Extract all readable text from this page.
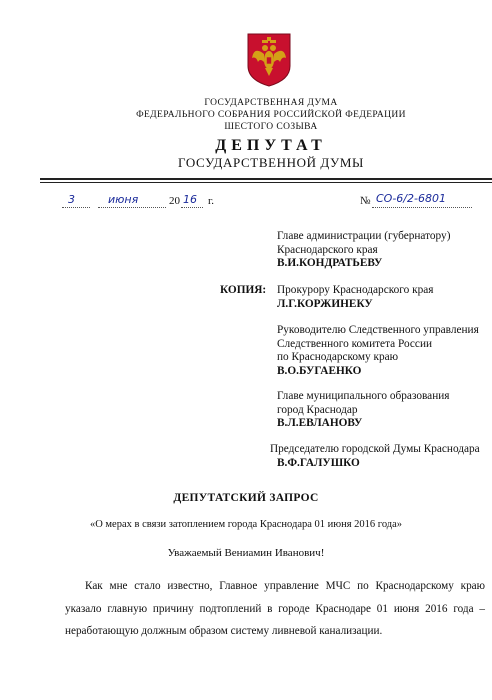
ГОСУДАРСТВЕННАЯ ДУМА
ФЕДЕРАЛЬНОГО СОБРАНИЯ РОССИЙСКОЙ ФЕДЕРАЦИИ
ШЕСТОГО СОЗЫВА
ДЕПУТАТ
ГОСУДАРСТВЕННОЙ ДУМЫ
3	июня	20 16 г.	№ СО-6/2-6801
Главе администрации (губернатору)
Краснодарского края
В.И.КОНДРАТЬЕВУ
КОПИЯ: Прокурору Краснодарского края
Л.Г.КОРЖИНЕКУ
Руководителю Следственного управления
Следственного комитета России
по Краснодарскому краю
В.О.БУГАЕНКО
Главе муниципального образования
город Краснодар
В.Л.ЕВЛАНОВУ
Председателю городской Думы Краснодара
В.Ф.ГАЛУШКО
ДЕПУТАТСКИЙ ЗАПРОС
«О мерах в связи затоплением города Краснодара 01 июня 2016 года»
Уважаемый Вениамин Иванович!
Как мне стало известно, Главное управление МЧС по Краснодарскому краю указало главную причину подтоплений в городе Краснодаре 01 июня 2016 года – неработающую должным образом систему ливневой канализации.
